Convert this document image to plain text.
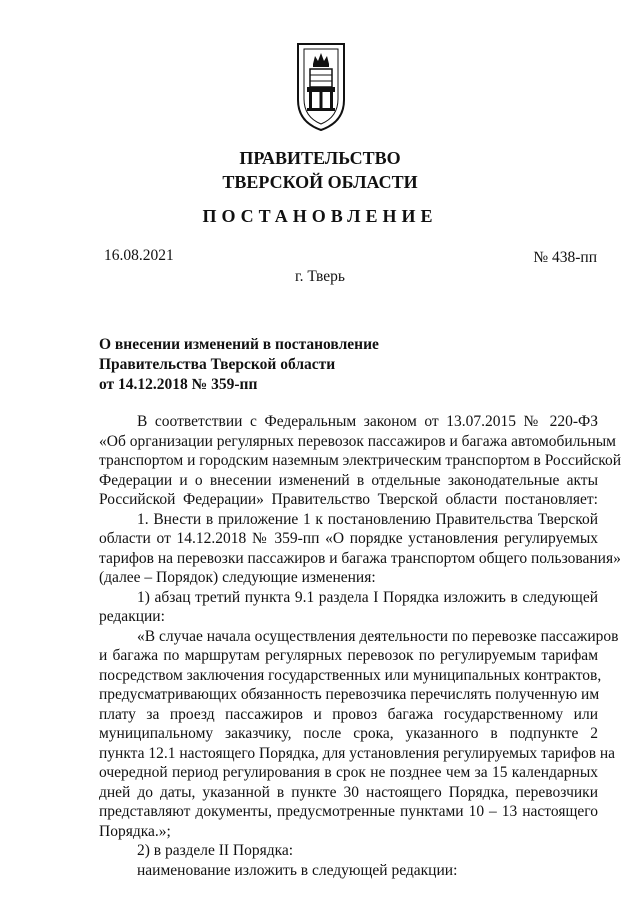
ПРАВИТЕЛЬСТВО
ТВЕРСКОЙ ОБЛАСТИ
ПОСТАНОВЛЕНИЕ
16.08.2021	№ 438-пп
г. Тверь
О внесении изменений в постановление
Правительства Тверской области
от 14.12.2018 № 359-пп
В соответствии с Федеральным законом от 13.07.2015 № 220-ФЗ
«Об организации регулярных перевозок пассажиров и багажа автомобильным
транспортом и городским наземным электрическим транспортом в Российской
Федерации и о внесении изменений в отдельные законодательные акты
Российской Федерации» Правительство Тверской области постановляет:
1. Внести в приложение 1 к постановлению Правительства Тверской
области от 14.12.2018 № 359-пп «О порядке установления регулируемых
тарифов на перевозки пассажиров и багажа транспортом общего пользования»
(далее – Порядок) следующие изменения:
1) абзац третий пункта 9.1 раздела I Порядка изложить в следующей
редакции:
«В случае начала осуществления деятельности по перевозке пассажиров
и багажа по маршрутам регулярных перевозок по регулируемым тарифам
посредством заключения государственных или муниципальных контрактов,
предусматривающих обязанность перевозчика перечислять полученную им
плату за проезд пассажиров и провоз багажа государственному или
муниципальному заказчику, после срока, указанного в подпункте 2
пункта 12.1 настоящего Порядка, для установления регулируемых тарифов на
очередной период регулирования в срок не позднее чем за 15 календарных
дней до даты, указанной в пункте 30 настоящего Порядка, перевозчики
представляют документы, предусмотренные пунктами 10 – 13 настоящего
Порядка.»;
2) в разделе II Порядка:
наименование изложить в следующей редакции:
